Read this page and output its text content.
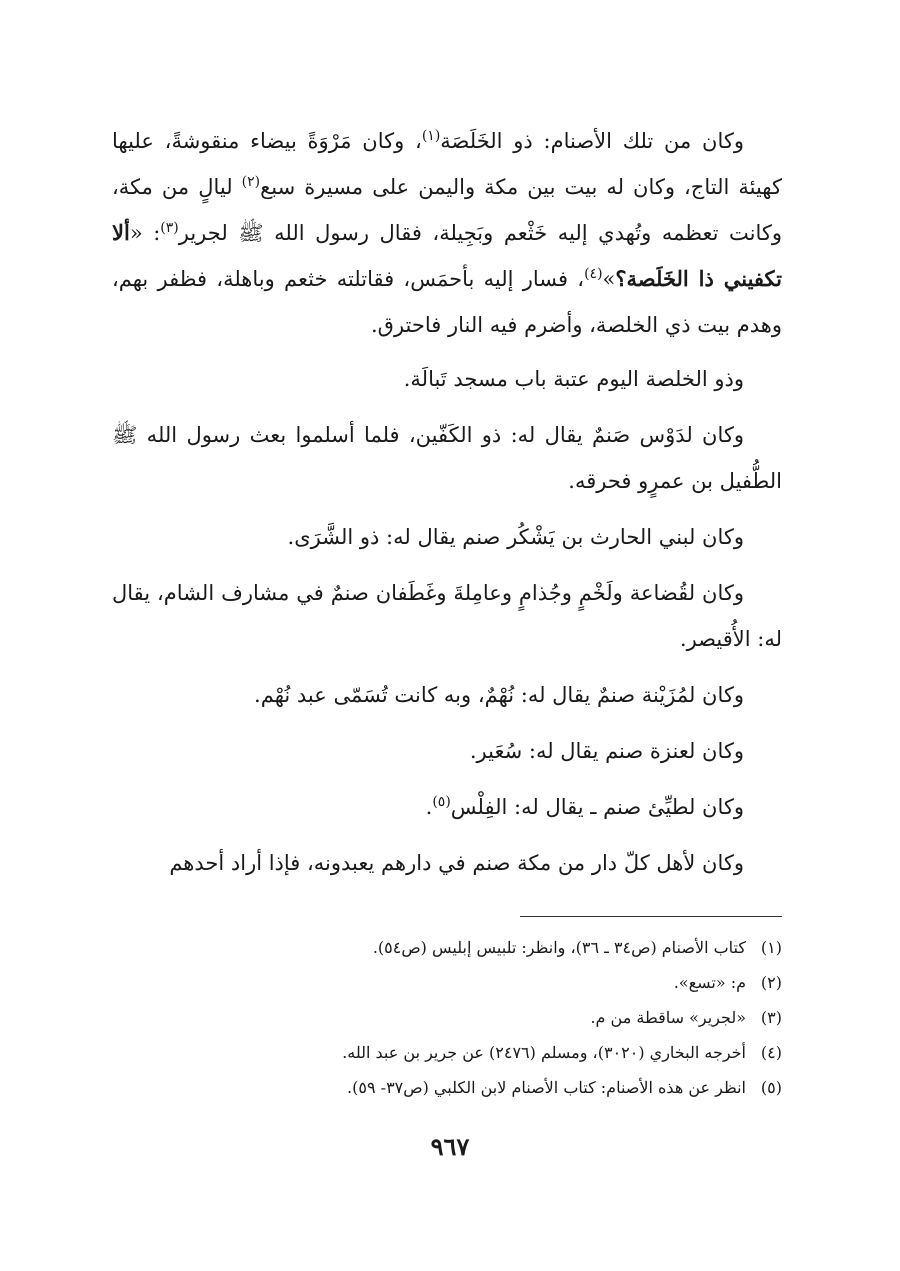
وكان من تلك الأصنام: ذو الخَلَصَة$^{(١)}$، وكان مَرْوَةً بيضاء منقوشةً، عليها كهيئة التاج، وكان له بيت بين مكة واليمن على مسيرة سبع$^{(٢)}$ ليالٍ من مكة، وكانت تعظمه وتُهدي إليه خَثْعم وبَجِيلة، فقال رسول الله ﷺ لجرير$^{(٣)}$: «ألا تكفيني ذا الخَلَصة؟»$^{(٤)}$، فسار إليه بأحمَس، فقاتلته خثعم وباهلة، فظفر بهم، وهدم بيت ذي الخلصة، وأضرم فيه النار فاحترق.

وذو الخلصة اليوم عتبة باب مسجد تَبالَة.

وكان لدَوْس صَنمٌ يقال له: ذو الكَفّين، فلما أسلموا بعث رسول الله ﷺ الطُّفيل بن عمرٍو فحرقه.

وكان لبني الحارث بن يَشْكُر صنم يقال له: ذو الشَّرَى.

وكان لقُضاعة ولَخْمٍ وجُذامٍ وعامِلةَ وغَطَفان صنمٌ في مشارف الشام، يقال له: الأُقيصر.

وكان لمُزَيْنة صنمٌ يقال له: نُهْمٌ، وبه كانت تُسَمّى عبد نُهْم.

وكان لعنزة صنم يقال له: سُعَير.

وكان لطيِّئ صنم ـ يقال له: الفِلْس$^{(٥)}$.

وكان لأهل كلّ دار من مكة صنم في دارهم يعبدونه، فإذا أراد أحدهم

(١)
كتاب الأصنام (ص٣٤ ـ ٣٦)، وانظر: تلبيس إبليس (ص٥٤).
(٢)
م: «تسع».
(٣)
«لجرير» ساقطة من م.
(٤)
أخرجه البخاري (٣٠٢٠)، ومسلم (٢٤٧٦) عن جرير بن عبد الله.
(٥)
انظر عن هذه الأصنام: كتاب الأصنام لابن الكلبي (ص٣٧- ٥٩).
٩٦٧
